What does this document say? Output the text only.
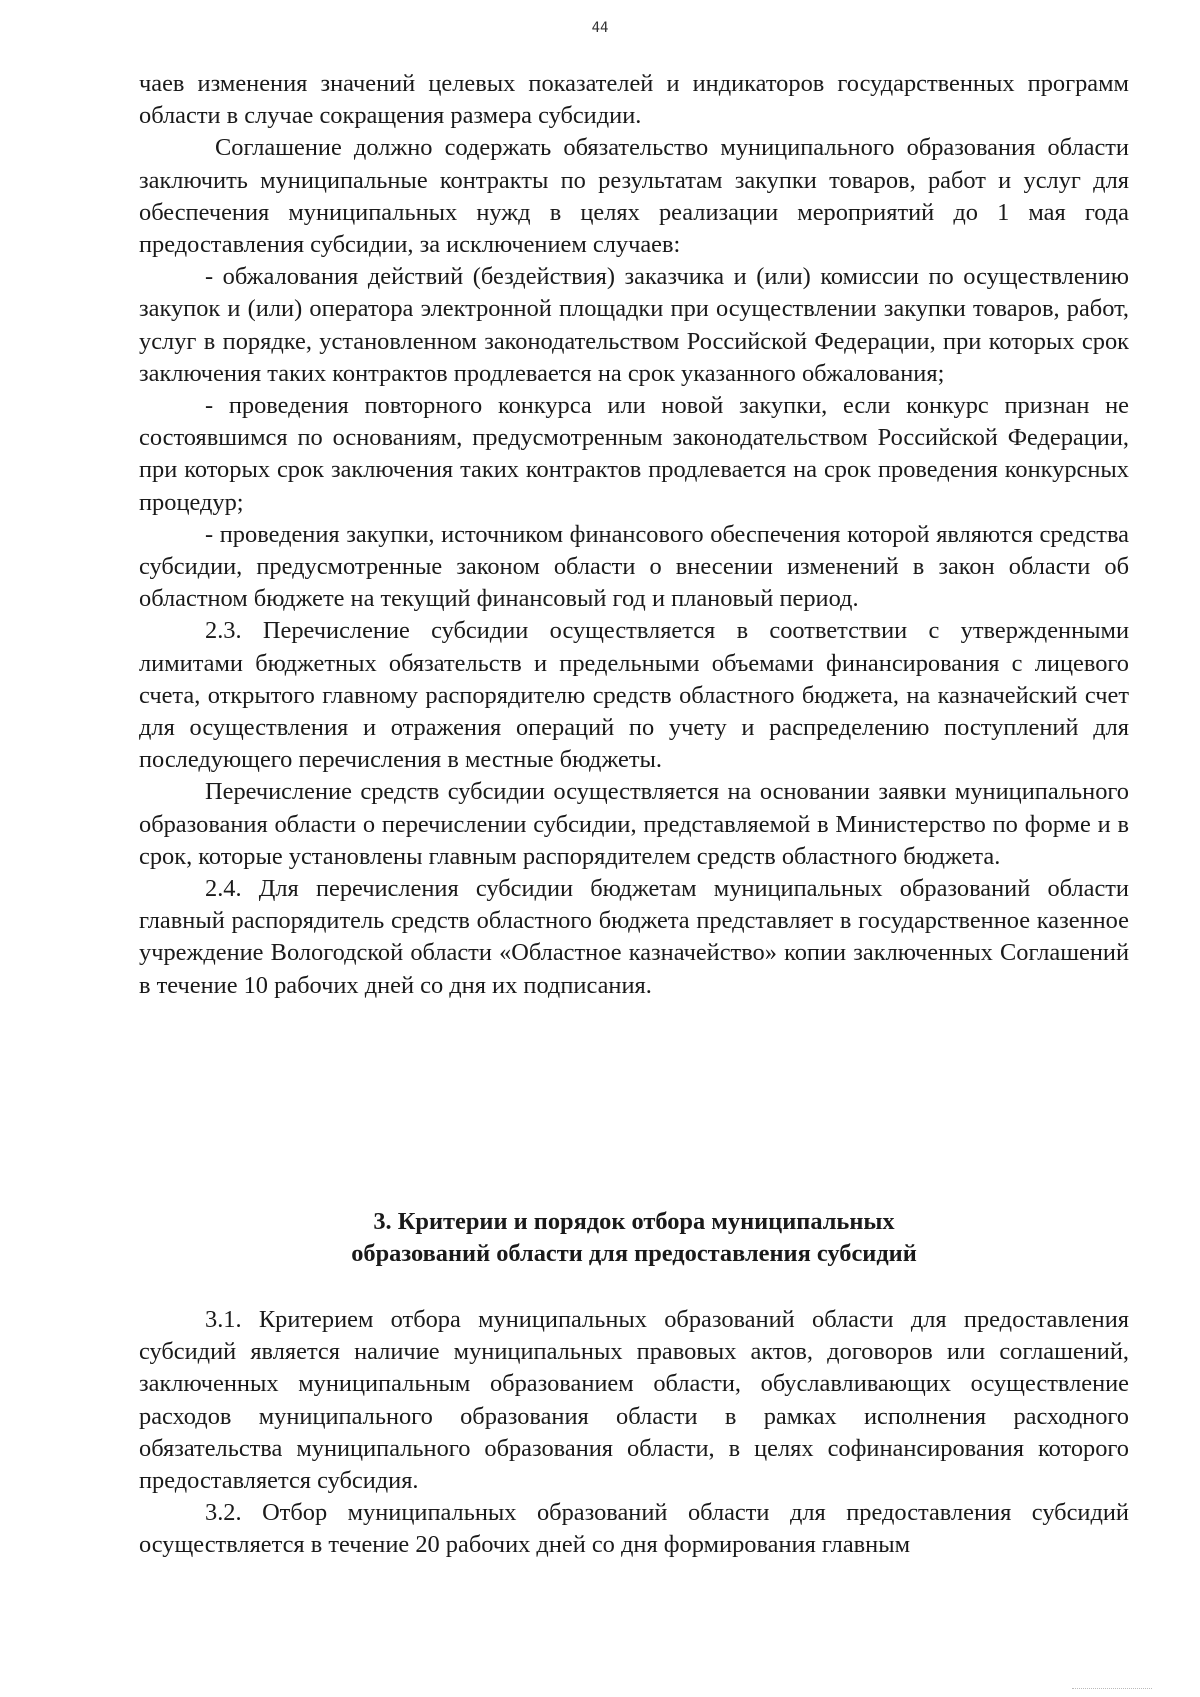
44

чаев изменения значений целевых показателей и индикаторов государственных программ области в случае сокращения размера субсидии.

Соглашение должно содержать обязательство муниципального образования области заключить муниципальные контракты по результатам закупки товаров, работ и услуг для обеспечения муниципальных нужд в целях реализации мероприятий до 1 мая года предоставления субсидии, за исключением случаев:

- обжалования действий (бездействия) заказчика и (или) комиссии по осуществлению закупок и (или) оператора электронной площадки при осуществлении закупки товаров, работ, услуг в порядке, установленном законодательством Российской Федерации, при которых срок заключения таких контрактов продлевается на срок указанного обжалования;

- проведения повторного конкурса или новой закупки, если конкурс признан не состоявшимся по основаниям, предусмотренным законодательством Российской Федерации, при которых срок заключения таких контрактов продлевается на срок проведения конкурсных процедур;

- проведения закупки, источником финансового обеспечения которой являются средства субсидии, предусмотренные законом области о внесении изменений в закон области об областном бюджете на текущий финансовый год и плановый период.

2.3. Перечисление субсидии осуществляется в соответствии с утвержденными лимитами бюджетных обязательств и предельными объемами финансирования с лицевого счета, открытого главному распорядителю средств областного бюджета, на казначейский счет для осуществления и отражения операций по учету и распределению поступлений для последующего перечисления в местные бюджеты.

Перечисление средств субсидии осуществляется на основании заявки муниципального образования области о перечислении субсидии, представляемой в Министерство по форме и в срок, которые установлены главным распорядителем средств областного бюджета.

2.4. Для перечисления субсидии бюджетам муниципальных образований области главный распорядитель средств областного бюджета представляет в государственное казенное учреждение Вологодской области «Областное казначейство» копии заключенных Соглашений в течение 10 рабочих дней со дня их подписания.

3. Критерии и порядок отбора муниципальных
образований области для предоставления субсидий

3.1. Критерием отбора муниципальных образований области для предоставления субсидий является наличие муниципальных правовых актов, договоров или соглашений, заключенных муниципальным образованием области, обуславливающих осуществление расходов муниципального образования области в рамках исполнения расходного обязательства муниципального образования области, в целях софинансирования которого предоставляется субсидия.

3.2. Отбор муниципальных образований области для предоставления субсидий осуществляется в течение 20 рабочих дней со дня формирования главным
